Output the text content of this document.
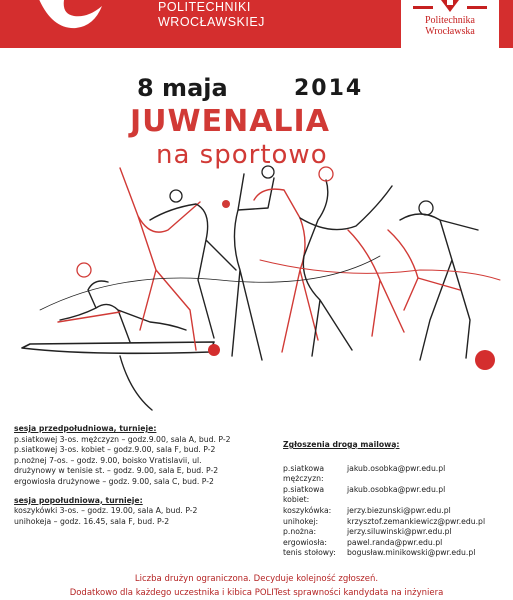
POLITECHNIKI
WROCŁAWSKIEJ	Politechnika
Wrocławska
8 maja	2014
JUWENALIA
na sportowo
sesja przedpołudniowa, turnieje:
p.siatkowej 3-os. mężczyzn – godz.9.00, sala A, bud. P-2
p.siatkowej 3-os. kobiet – godz.9.00, sala F, bud. P-2
p.nożnej 7-os. – godz. 9.00, boisko Vratislavii, ul.
drużynowy w tenisie st. – godz. 9.00, sala E, bud. P-2
ergowiosła drużynowe – godz. 9.00, sala C, bud. P-2
sesja popołudniowa, turnieje:
koszykówki 3-os. – godz. 19.00, sala A, bud. P-2
unihokeja – godz. 16.45, sala F, bud. P-2
Zgłoszenia drogą mailową:
p.siatkowa mężczyzn:
jakub.osobka@pwr.edu.pl
p.siatkowa kobiet:
jakub.osobka@pwr.edu.pl
koszykówka:	jerzy.biezunski@pwr.edu.pl
unihokej:	krzysztof.zemankiewicz@pwr.edu.pl
p.nożna:	jerzy.siluwinski@pwr.edu.pl
ergowiosła:	pawel.randa@pwr.edu.pl
tenis stołowy:	bogusław.minikowski@pwr.edu.pl
Liczba drużyn ograniczona. Decyduje kolejność zgłoszeń.
Dodatkowo dla każdego uczestnika i kibica POLITest sprawności kandydata na inżyniera
